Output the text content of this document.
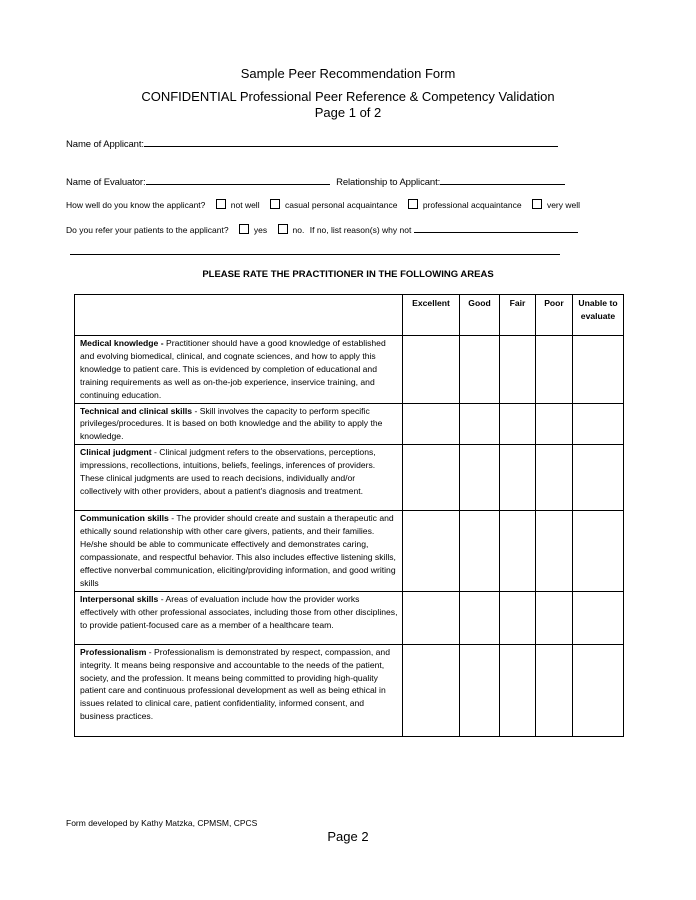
Sample Peer Recommendation Form
CONFIDENTIAL Professional Peer Reference & Competency Validation
Page 1 of 2
Name of Applicant:
Name of Evaluator:	Relationship to Applicant:
How well do you know the applicant?	not well	casual personal acquaintance	professional acquaintance	very well
Do you refer your patients to the applicant?	yes	no. If no, list reason(s) why not
PLEASE RATE THE PRACTITIONER IN THE FOLLOWING AREAS
	Excellent	Good	Fair	Poor	Unable to evaluate
Medical knowledge - Practitioner should have a good knowledge of established and evolving biomedical, clinical, and cognate sciences, and how to apply this knowledge to patient care. This is evidenced by completion of educational and training requirements as well as on-the-job experience, inservice training, and continuing education.					
Technical and clinical skills - Skill involves the capacity to perform specific privileges/procedures. It is based on both knowledge and the ability to apply the knowledge.					
Clinical judgment - Clinical judgment refers to the observations, perceptions, impressions, recollections, intuitions, beliefs, feelings, inferences of providers. These clinical judgments are used to reach decisions, individually and/or collectively with other providers, about a patient's diagnosis and treatment.					
Communication skills - The provider should create and sustain a therapeutic and ethically sound relationship with other care givers, patients, and their families. He/she should be able to communicate effectively and demonstrates caring, compassionate, and respectful behavior. This also includes effective listening skills, effective nonverbal communication, eliciting/providing information, and good writing skills					
Interpersonal skills - Areas of evaluation include how the provider works effectively with other professional associates, including those from other disciplines, to provide patient-focused care as a member of a healthcare team.					
Professionalism - Professionalism is demonstrated by respect, compassion, and integrity. It means being responsive and accountable to the needs of the patient, society, and the profession. It means being committed to providing high-quality patient care and continuous professional development as well as being ethical in issues related to clinical care, patient confidentiality, informed consent, and business practices.					
Form developed by Kathy Matzka, CPMSM, CPCS
Page 2
